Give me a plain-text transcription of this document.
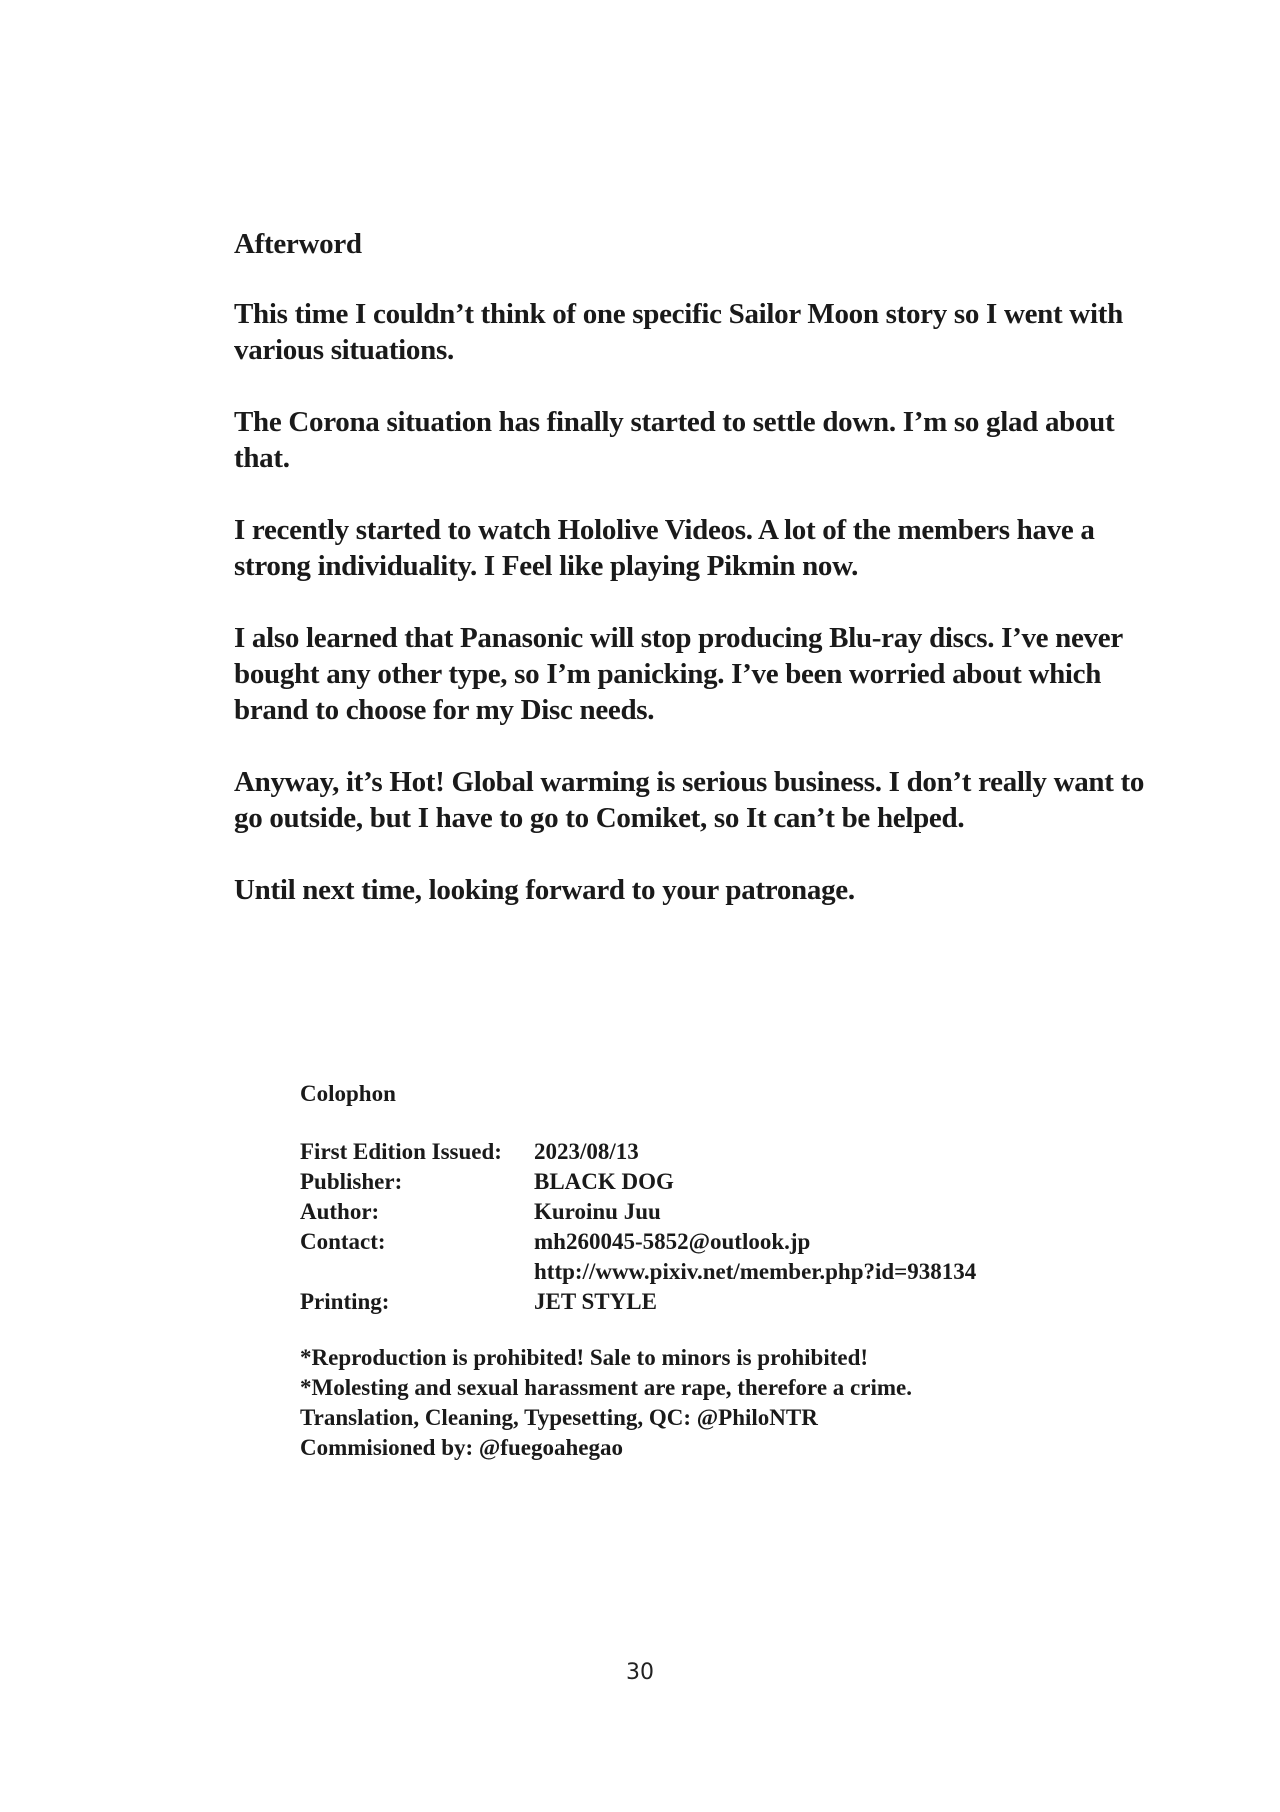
Afterword

This time I couldn’t think of one specific Sailor Moon story so I went with various situations.

The Corona situation has finally started to settle down. I’m so glad about that.

I recently started to watch Hololive Videos. A lot of the members have a strong individuality. I Feel like playing Pikmin now.

I also learned that Panasonic will stop producing Blu-ray discs. I’ve never bought any other type, so I’m panicking. I’ve been worried about which brand to choose for my Disc needs.

Anyway, it’s Hot! Global warming is serious business. I don’t really want to go outside, but I have to go to Comiket, so It can’t be helped.

Until next time, looking forward to your patronage.

Colophon
First Edition Issued:	2023/08/13
Publisher:	BLACK DOG
Author:	Kuroinu Juu
Contact:	mh260045-5852@outlook.jp
	http://www.pixiv.net/member.php?id=938134
Printing:	JET STYLE
*Reproduction is prohibited! Sale to minors is prohibited!
*Molesting and sexual harassment are rape, therefore a crime.
Translation, Cleaning, Typesetting, QC: @PhiloNTR
Commisioned by: @fuegoahegao
30
